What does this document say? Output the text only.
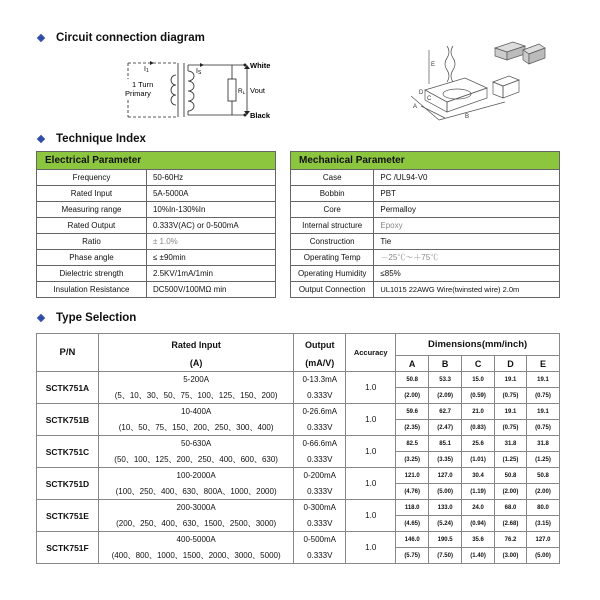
Circuit connection diagram
I1	IS
1 Turn
Primary
White
Black
Vout
RL
E
A
B
C
D
Technique Index
Electrical Parameter	
Frequency	50-60Hz
Rated Input	5A-5000A
Measuring range	10%In-130%In
Rated Output	0.333V(AC) or 0-500mA
Ratio	± 1.0%
Phase angle	≤ ±90min
Dielectric strength	2.5KV/1mA/1min
Insulation Resistance	DC500V/100MΩ min
Mechanical Parameter	
Case	PC /UL94-V0
Bobbin	PBT
Core	Permalloy
Internal structure	Epoxy
Construction	Tie
Operating Temp	－25℃～＋75℃
Operating Humidity	≤85%
Output Connection	UL1015 22AWG Wire(twinsted wire) 2.0m
Type Selection
P/N	Rated Input	Output	Accuracy	Dimensions(mm/inch)				
	(A)	(mA/V)		A	B	C	D	E
SCTK751A	5-200A	0-13.3mA	1.0	50.8	53.3	15.0	19.1	19.1
	(5、10、30、50、75、100、125、150、200)	0.333V		(2.00)	(2.09)	(0.59)	(0.75)	(0.75)
SCTK751B	10-400A	0-26.6mA	1.0	59.6	62.7	21.0	19.1	19.1
	(10、50、75、150、200、250、300、400)	0.333V		(2.35)	(2.47)	(0.83)	(0.75)	(0.75)
SCTK751C	50-630A	0-66.6mA	1.0	82.5	85.1	25.6	31.8	31.8
	(50、100、125、200、250、400、600、630)	0.333V		(3.25)	(3.35)	(1.01)	(1.25)	(1.25)
SCTK751D	100-2000A	0-200mA	1.0	121.0	127.0	30.4	50.8	50.8
	(100、250、400、630、800A、1000、2000)	0.333V		(4.76)	(5.00)	(1.19)	(2.00)	(2.00)
SCTK751E	200-3000A	0-300mA	1.0	118.0	133.0	24.0	68.0	80.0
	(200、250、400、630、1500、2500、3000)	0.333V		(4.65)	(5.24)	(0.94)	(2.68)	(3.15)
SCTK751F	400-5000A	0-500mA	1.0	146.0	190.5	35.6	76.2	127.0
	(400、800、1000、1500、2000、3000、5000)	0.333V		(5.75)	(7.50)	(1.40)	(3.00)	(5.00)
